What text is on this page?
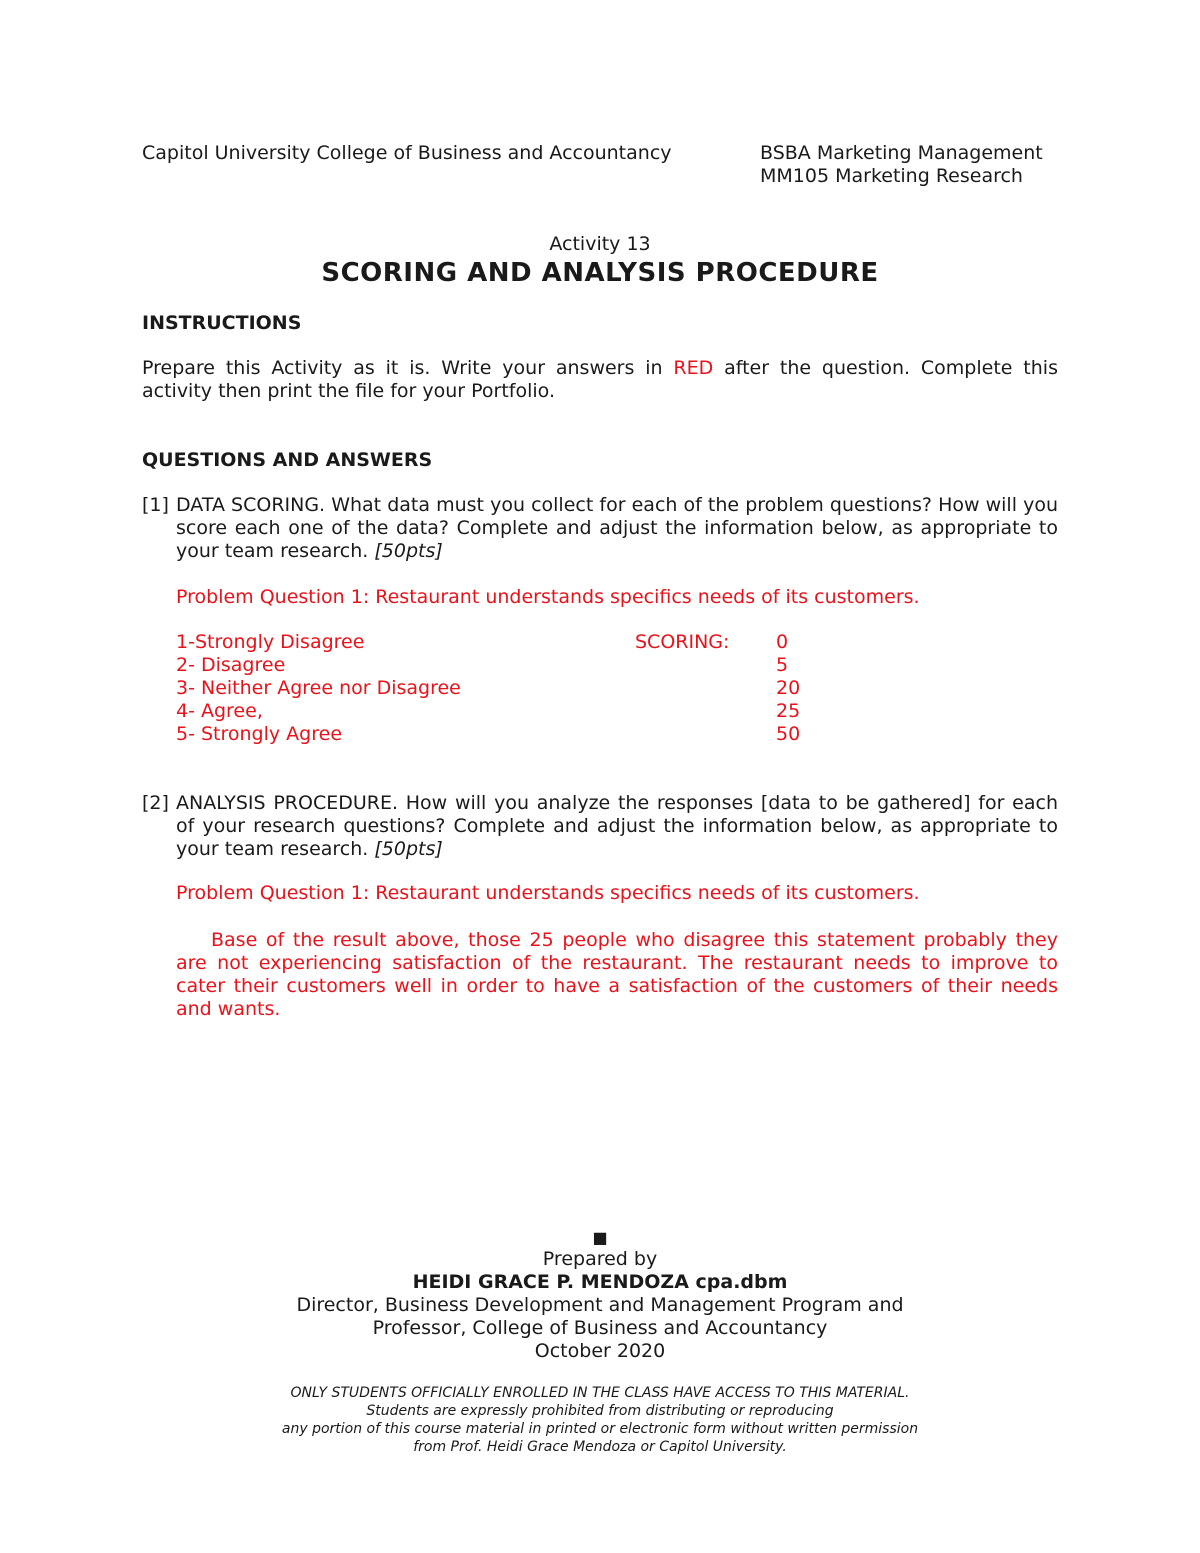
Capitol University College of Business and Accountancy	BSBA Marketing Management
MM105 Marketing Research
Activity 13
SCORING AND ANALYSIS PROCEDURE
INSTRUCTIONS
Prepare this Activity as it is. Write your answers in RED after the question. Complete this activity then print the file for your Portfolio.
QUESTIONS AND ANSWERS
[1] DATA SCORING. What data must you collect for each of the problem questions? How will you score each one of the data? Complete and adjust the information below, as appropriate to your team research. [50pts]
Problem Question 1: Restaurant understands specifics needs of its customers.
SCORING:
1-Strongly Disagree	0
2- Disagree	5
3- Neither Agree nor Disagree	20
4- Agree,	25
5- Strongly Agree	50
[2] ANALYSIS PROCEDURE. How will you analyze the responses [data to be gathered] for each of your research questions? Complete and adjust the information below, as appropriate to your team research. [50pts]
Problem Question 1: Restaurant understands specifics needs of its customers.
Base of the result above, those 25 people who disagree this statement probably they are not experiencing satisfaction of the restaurant. The restaurant needs to improve to cater their customers well in order to have a satisfaction of the customers of their needs and wants.
■
Prepared by
HEIDI GRACE P. MENDOZA cpa.dbm
Director, Business Development and Management Program and
Professor, College of Business and Accountancy
October 2020
ONLY STUDENTS OFFICIALLY ENROLLED IN THE CLASS HAVE ACCESS TO THIS MATERIAL.
Students are expressly prohibited from distributing or reproducing
any portion of this course material in printed or electronic form without written permission
from Prof. Heidi Grace Mendoza or Capitol University.
